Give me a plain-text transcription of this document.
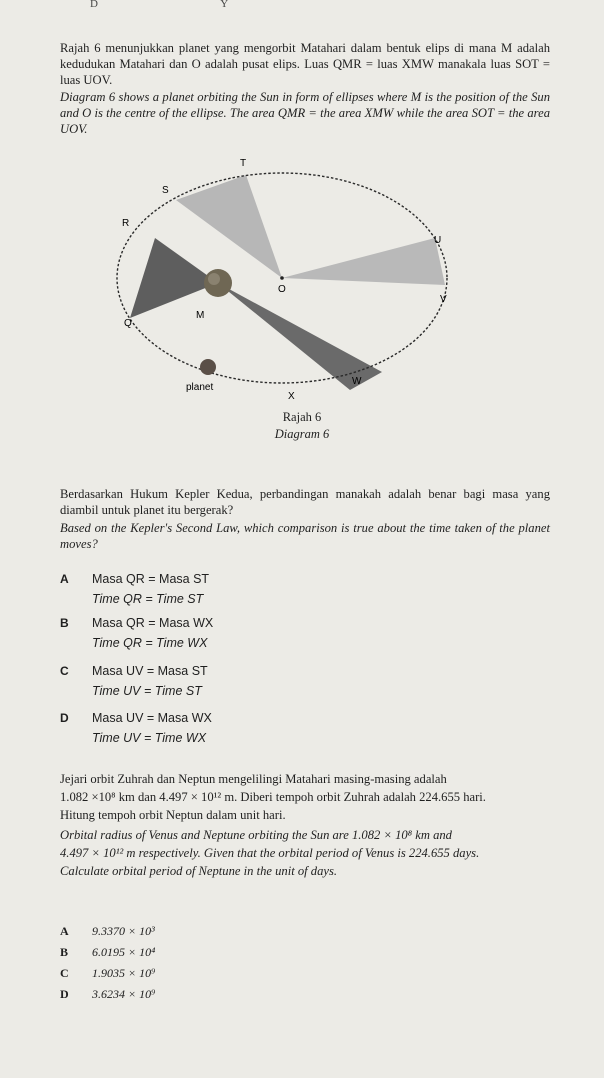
D Y
Rajah 6 menunjukkan planet yang mengorbit Matahari dalam bentuk elips di mana M adalah kedudukan Matahari dan O adalah pusat elips. Luas QMR = luas XMW manakala luas SOT = luas UOV.
Diagram 6 shows a planet orbiting the Sun in form of ellipses where M is the position of the Sun and O is the centre of the ellipse. The area QMR = the area XMW while the area SOT = the area UOV.
T
S
R
U
O
V
Q
M
W
X
planet
Rajah 6
Diagram 6
Berdasarkan Hukum Kepler Kedua, perbandingan manakah adalah benar bagi masa yang diambil untuk planet itu bergerak?
Based on the Kepler's Second Law, which comparison is true about the time taken of the planet moves?
A Masa QR = Masa ST
Time QR = Time ST
B Masa QR = Masa WX
Time QR = Time WX
C Masa UV = Masa ST
Time UV = Time ST
D Masa UV = Masa WX
Time UV = Time WX
Jejari orbit Zuhrah dan Neptun mengelilingi Matahari masing-masing adalah
1.082 ×10⁸ km dan 4.497 × 10¹² m. Diberi tempoh orbit Zuhrah adalah 224.655 hari.
Hitung tempoh orbit Neptun dalam unit hari.
Orbital radius of Venus and Neptune orbiting the Sun are 1.082 × 10⁸ km and
4.497 × 10¹² m respectively. Given that the orbital period of Venus is 224.655 days.
Calculate orbital period of Neptune in the unit of days.
A 9.3370 × 10³
B 6.0195 × 10⁴
C 1.9035 × 10⁹
D 3.6234 × 10⁹
